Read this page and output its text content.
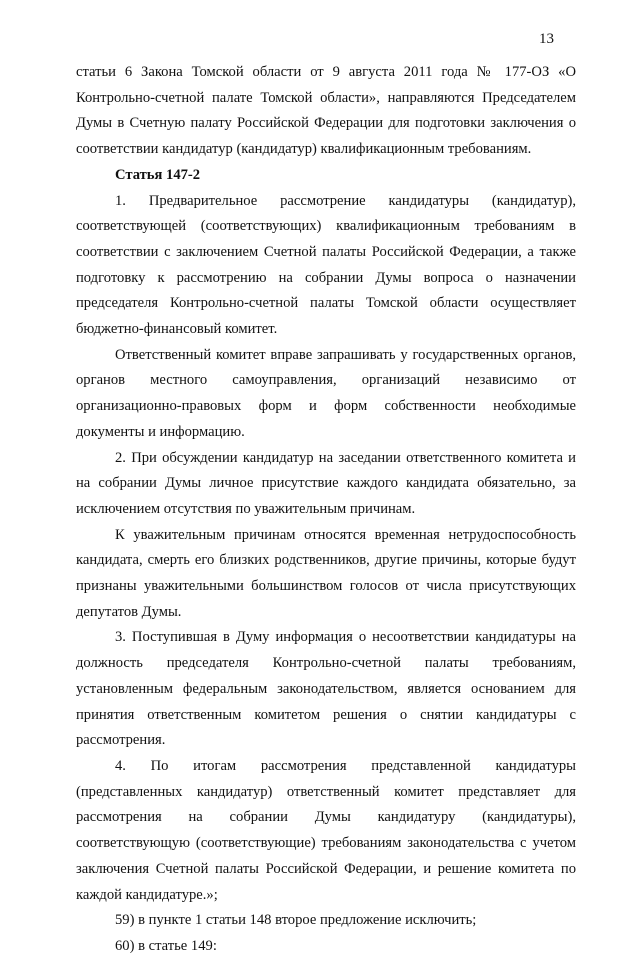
13

статьи 6 Закона Томской области от 9 августа 2011 года № 177-ОЗ «О Контрольно-счетной палате Томской области», направляются Председателем Думы в Счетную палату Российской Федерации для подготовки заключения о соответствии кандидатур (кандидатур) квалификационным требованиям.

Статья 147-2

1. Предварительное рассмотрение кандидатуры (кандидатур), соответствующей (соответствующих) квалификационным требованиям в соответствии с заключением Счетной палаты Российской Федерации, а также подготовку к рассмотрению на собрании Думы вопроса о назначении председателя Контрольно-счетной палаты Томской области осуществляет бюджетно-финансовый комитет.

Ответственный комитет вправе запрашивать у государственных органов, органов местного самоуправления, организаций независимо от организационно-правовых форм и форм собственности необходимые документы и информацию.

2. При обсуждении кандидатур на заседании ответственного комитета и на собрании Думы личное присутствие каждого кандидата обязательно, за исключением отсутствия по уважительным причинам.

К уважительным причинам относятся временная нетрудоспособность кандидата, смерть его близких родственников, другие причины, которые будут признаны уважительными большинством голосов от числа присутствующих депутатов Думы.

3. Поступившая в Думу информация о несоответствии кандидатуры на должность председателя Контрольно-счетной палаты требованиям, установленным федеральным законодательством, является основанием для принятия ответственным комитетом решения о снятии кандидатуры с рассмотрения.

4. По итогам рассмотрения представленной кандидатуры (представленных кандидатур) ответственный комитет представляет для рассмотрения на собрании Думы кандидатуру (кандидатуры), соответствующую (соответствующие) требованиям законодательства с учетом заключения Счетной палаты Российской Федерации, и решение комитета по каждой кандидатуре.»;

59) в пункте 1 статьи 148 второе предложение исключить;

60) в статье 149:
